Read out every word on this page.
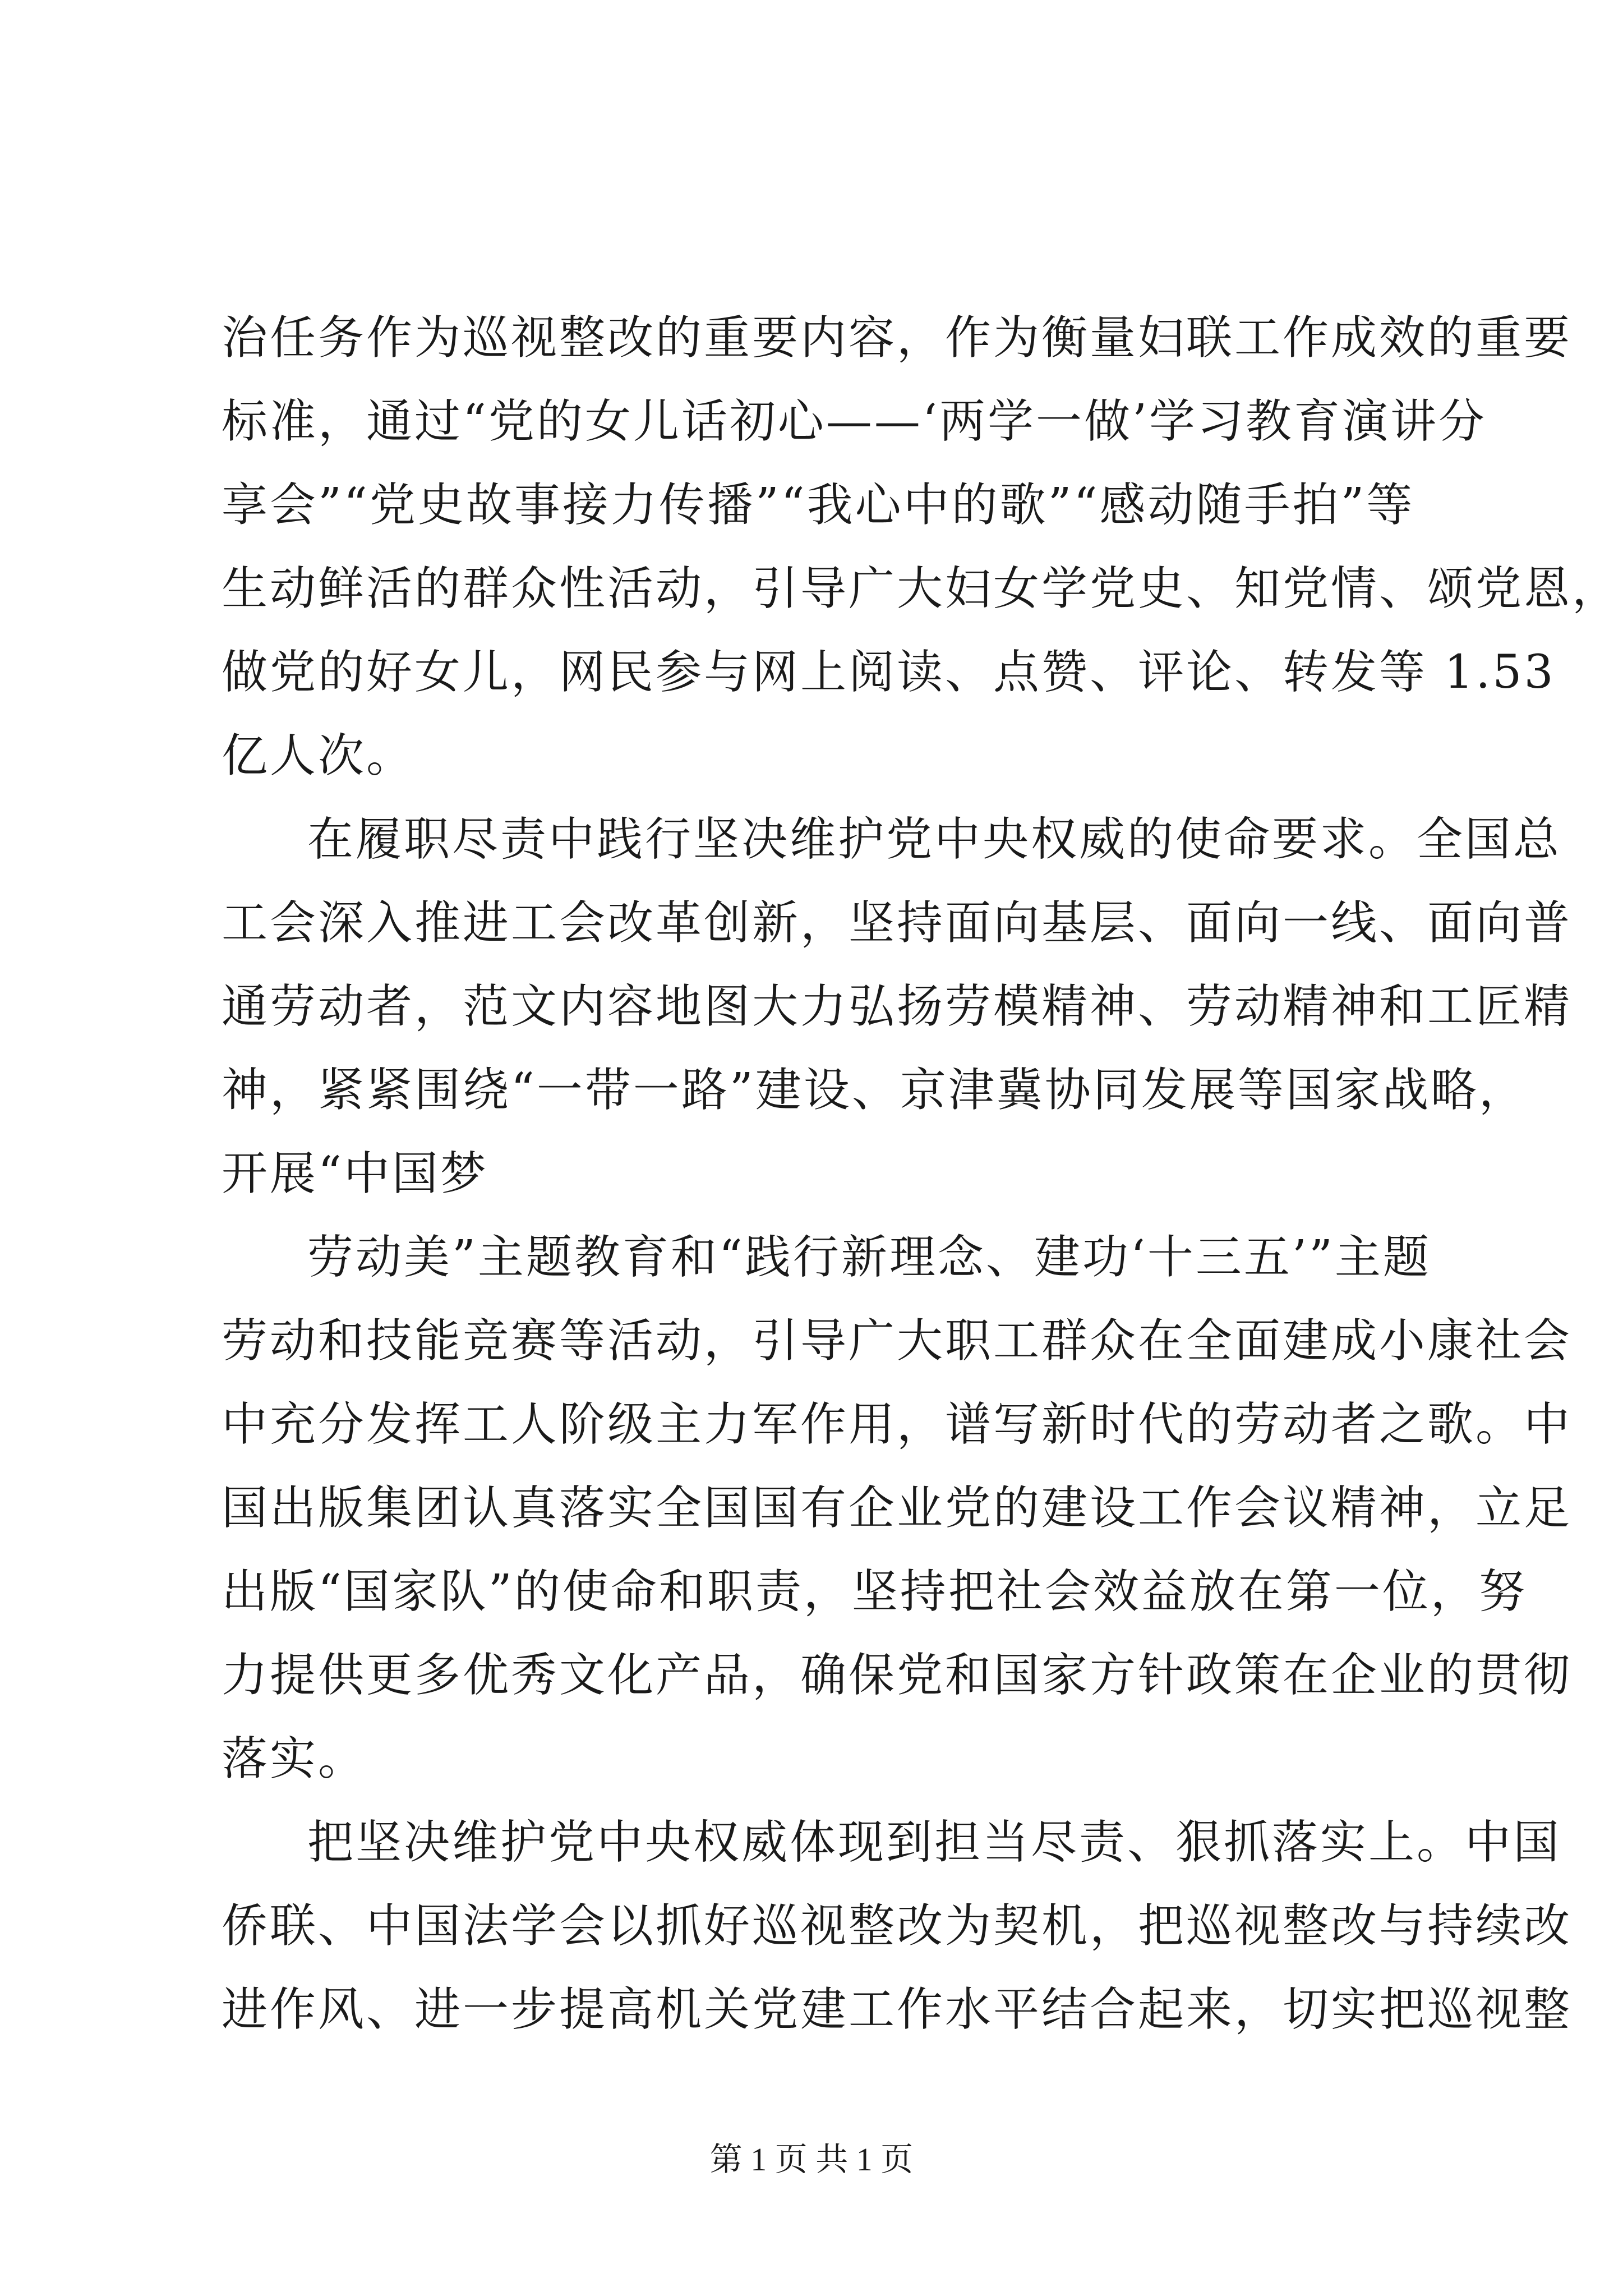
治任务作为巡视整改的重要内容，作为衡量妇联工作成效的重要
标准，通过“党的女儿话初心——‘两学一做’学习教育演讲分
享会”“党史故事接力传播”“我心中的歌”“感动随手拍”等
生动鲜活的群众性活动，引导广大妇女学党史、知党情、颂党恩，
做党的好女儿，网民参与网上阅读、点赞、评论、转发等 1.53
亿人次。
在履职尽责中践行坚决维护党中央权威的使命要求。全国总
工会深入推进工会改革创新，坚持面向基层、面向一线、面向普
通劳动者，范文内容地图大力弘扬劳模精神、劳动精神和工匠精
神，紧紧围绕“一带一路”建设、京津冀协同发展等国家战略，
开展“中国梦
劳动美”主题教育和“践行新理念、建功‘十三五’”主题
劳动和技能竞赛等活动，引导广大职工群众在全面建成小康社会
中充分发挥工人阶级主力军作用，谱写新时代的劳动者之歌。中
国出版集团认真落实全国国有企业党的建设工作会议精神，立足
出版“国家队”的使命和职责，坚持把社会效益放在第一位，努
力提供更多优秀文化产品，确保党和国家方针政策在企业的贯彻
落实。
把坚决维护党中央权威体现到担当尽责、狠抓落实上。中国
侨联、中国法学会以抓好巡视整改为契机，把巡视整改与持续改
进作风、进一步提高机关党建工作水平结合起来，切实把巡视整
第 1 页 共 1 页
